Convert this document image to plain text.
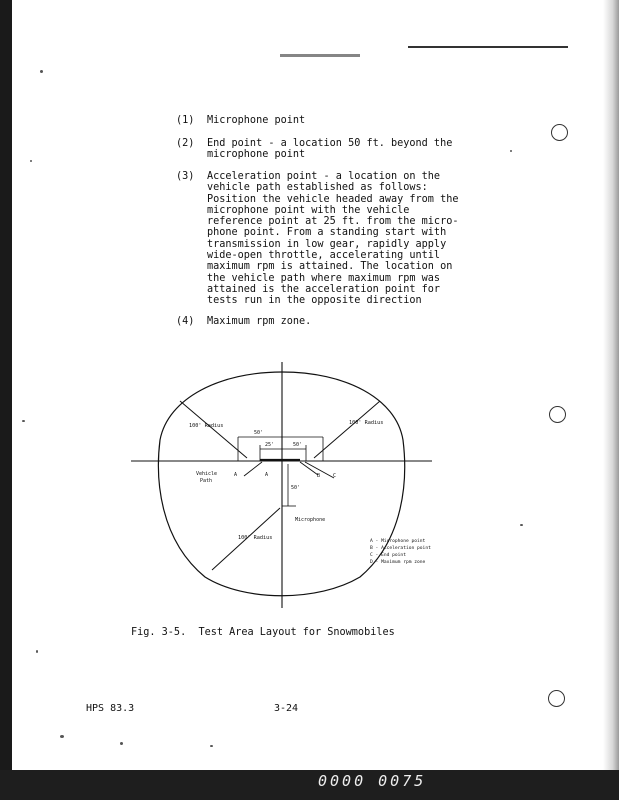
0000 0075
(1)	Microphone point
(2)	End point - a location 50 ft. beyond the
microphone point
(3)	Acceleration point - a location on the
vehicle path established as follows:
Position the vehicle headed away from the
microphone point with the vehicle
reference point at 25 ft. from the micro-
phone point. From a standing start with
transmission in low gear, rapidly apply
wide-open throttle, accelerating until
maximum rpm is attained. The location on
the vehicle path where maximum rpm was
attained is the acceleration point for
tests run in the opposite direction
(4)	Maximum rpm zone.
100' Radius	100' Radius
100' Radius
50'
25'	50'
50'
Vehicle
Path
Microphone
A	A	B	C
A - Microphone point
B - Acceleration point
C - End point
D - Maximum rpm zone
Fig. 3-5.  Test Area Layout for Snowmobiles
HPS 83.3	3-24
